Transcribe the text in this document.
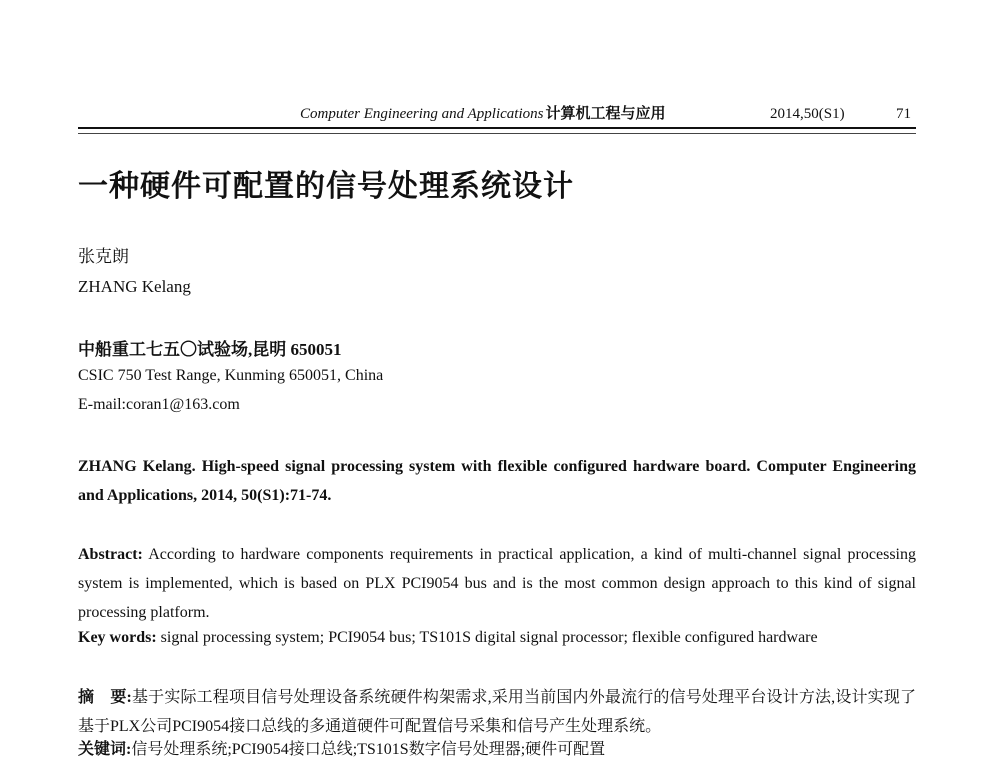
Computer Engineering and Applications 计算机工程与应用	2014,50(S1)	71
一种硬件可配置的信号处理系统设计

张克朗

ZHANG Kelang

中船重工七五〇试验场,昆明 650051

CSIC 750 Test Range, Kunming 650051, China

E-mail:coran1@163.com

ZHANG Kelang. High-speed signal processing system with flexible configured hardware board. Computer Engineering and Applications, 2014, 50(S1):71-74.

Abstract: According to hardware components requirements in practical application, a kind of multi-channel signal processing system is implemented, which is based on PLX PCI9054 bus and is the most common design approach to this kind of signal processing platform.

Key words: signal processing system; PCI9054 bus; TS101S digital signal processor; flexible configured hardware

摘　要:基于实际工程项目信号处理设备系统硬件构架需求,采用当前国内外最流行的信号处理平台设计方法,设计实现了基于PLX公司PCI9054接口总线的多通道硬件可配置信号采集和信号产生处理系统。

关键词:信号处理系统;PCI9054接口总线;TS101S数字信号处理器;硬件可配置
